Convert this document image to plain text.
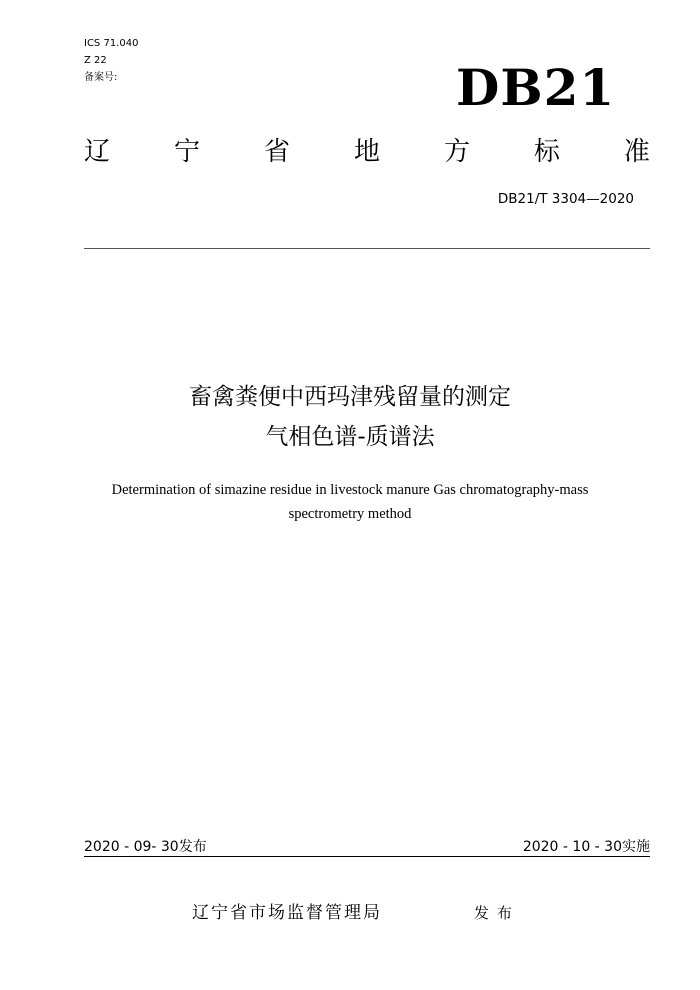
ICS 71.040
Z 22
备案号:	DB21
辽 宁 省 地 方 标 准
DB21/T 3304—2020
畜禽粪便中西玛津残留量的测定
气相色谱-质谱法
Determination of simazine residue in livestock manure Gas chromatography-mass
spectrometry method
2020 - 09- 30发布	2020 - 10 - 30实施
辽宁省市场监督管理局	发布
